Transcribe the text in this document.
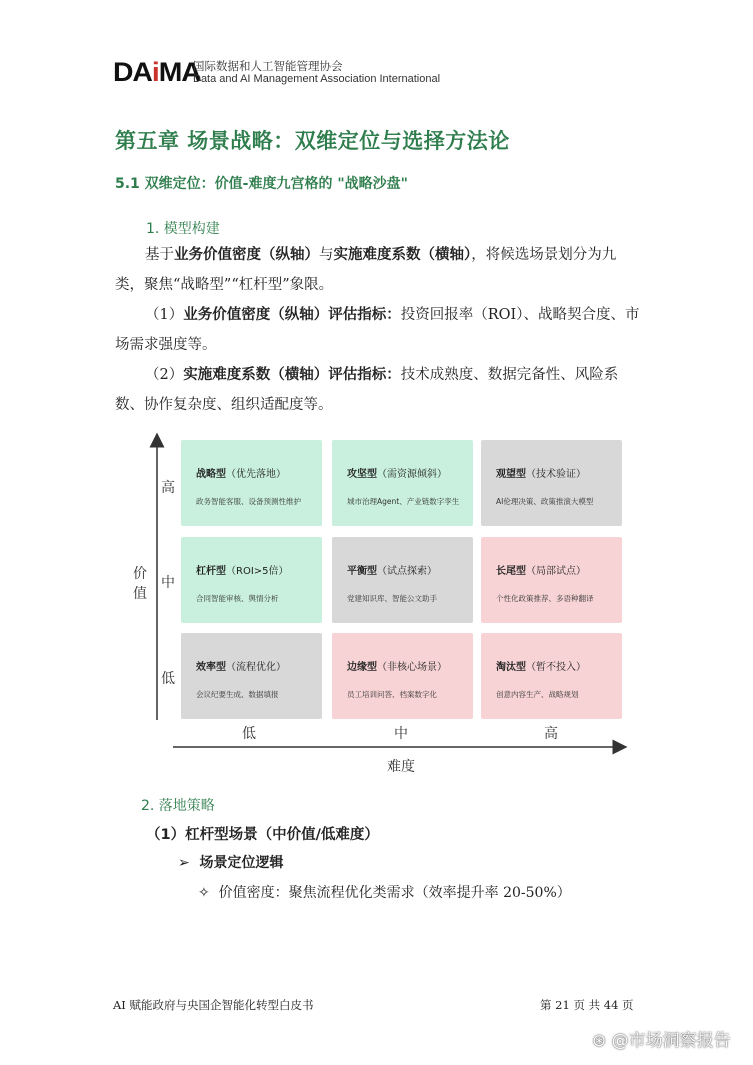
DAiMA
国际数据和人工智能管理协会
Data and AI Management Association International
第五章 场景战略：双维定位与选择方法论
5.1 双维定位：价值-难度九宫格的 "战略沙盘"
1. 模型构建
基于业务价值密度（纵轴）与实施难度系数（横轴），将候选场景划分为九类，聚焦“战略型”“杠杆型”象限。
（1）业务价值密度（纵轴）评估指标：投资回报率（ROI）、战略契合度、市场需求强度等。
（2）实施难度系数（横轴）评估指标：技术成熟度、数据完备性、风险系数、协作复杂度、组织适配度等。
价
值
高
中
低
低	中	高
难度
战略型（优先落地）
政务智能客服、设备预测性维护
攻坚型（需资源倾斜）
城市治理Agent、产业链数字孪生
观望型（技术验证）
AI伦理决策、政策推演大模型
杠杆型（ROI>5倍）
合同智能审核、舆情分析
平衡型（试点探索）
党建知识库、智能公文助手
长尾型（局部试点）
个性化政策推荐、多语种翻译
效率型（流程优化）
会议纪要生成、数据填报
边缘型（非核心场景）
员工培训问答、档案数字化
淘汰型（暂不投入）
创意内容生产、战略规划
2. 落地策略
（1）杠杆型场景（中价值/低难度）
➢ 场景定位逻辑
✧ 价值密度：聚焦流程优化类需求（效率提升率 20-50%）
AI 赋能政府与央国企智能化转型白皮书	第 21 页 共 44 页
⊛ @市场洞察报告
